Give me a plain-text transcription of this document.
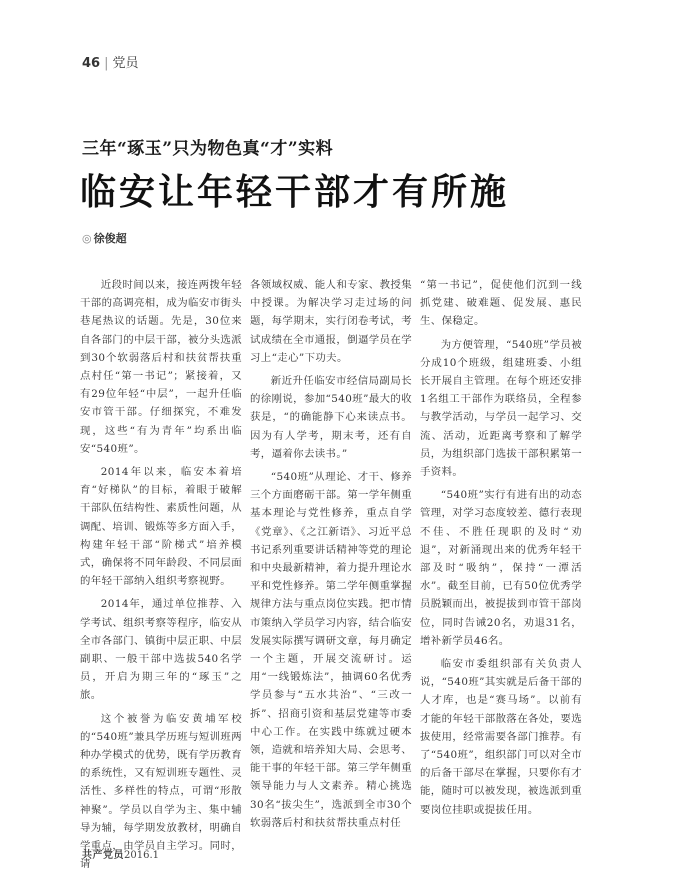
46 | 党员
三年“琢玉”只为物色真“才”实料
临安让年轻干部才有所施
◎ 徐俊超

近段时间以来，接连两拨年轻干部的高调亮相，成为临安市街头巷尾热议的话题。先是，30位来自各部门的中层干部，被分头选派到30个软弱落后村和扶贫帮扶重点村任“第一书记”；紧接着，又有29位年轻“中层”，一起升任临安市管干部。仔细探究，不难发现，这些“有为青年”均系出临安“540班”。

2014年以来，临安本着培育“好梯队”的目标，着眼于破解干部队伍结构性、素质性问题，从调配、培训、锻炼等多方面入手，构建年轻干部“阶梯式”培养模式，确保将不同年龄段、不同层面的年轻干部纳入组织考察视野。

2014年，通过单位推荐、入学考试、组织考察等程序，临安从全市各部门、镇街中层正职、中层副职、一般干部中选拔540名学员，开启为期三年的“琢玉”之旅。

这个被誉为临安黄埔军校的“540班”兼具学历班与短训班两种办学模式的优势，既有学历教育的系统性，又有短训班专题性、灵活性、多样性的特点，可谓“形散神聚”。学员以自学为主、集中辅导为辅，每学期发放教材，明确自学重点，由学员自主学习。同时，请

各领域权威、能人和专家、教授集中授课。为解决学习走过场的问题，每学期末，实行闭卷考试，考试成绩在全市通报，倒逼学员在学习上“走心”下功夫。

新近升任临安市经信局副局长的徐刚说，参加“540班”最大的收获是，“的确能静下心来读点书。因为有人学考，期末考，还有自考，逼着你去读书。”

“540班”从理论、才干、修养三个方面磨砺干部。第一学年侧重基本理论与党性修养，重点自学《党章》、《之江新语》、习近平总书记系列重要讲话精神等党的理论和中央最新精神，着力提升理论水平和党性修养。第二学年侧重掌握规律方法与重点岗位实践。把市情市策纳入学员学习内容，结合临安发展实际撰写调研文章，每月确定一个主题，开展交流研讨。运用“一线锻炼法”，抽调60名优秀学员参与“五水共治”、“三改一拆”、招商引资和基层党建等市委中心工作。在实践中练就过硬本领，造就和培养知大局、会思考、能干事的年轻干部。第三学年侧重领导能力与人文素养。精心挑选30名“拔尖生”，选派到全市30个软弱落后村和扶贫帮扶重点村任

“第一书记”，促使他们沉到一线抓党建、破难题、促发展、惠民生、保稳定。

为方便管理，“540班”学员被分成10个班级，组建班委、小组长开展自主管理。在每个班还安排1名组工干部作为联络员，全程参与教学活动，与学员一起学习、交流、活动，近距离考察和了解学员，为组织部门选拔干部积累第一手资料。

“540班”实行有进有出的动态管理，对学习态度较差、德行表现不佳、不胜任现职的及时“劝退”，对新涌现出来的优秀年轻干部及时“吸纳”，保持“一潭活水”。截至目前，已有50位优秀学员脱颖而出，被提拔到市管干部岗位，同时告诫20名，劝退31名，增补新学员46名。

临安市委组织部有关负责人说，“540班”其实就是后备干部的人才库，也是“赛马场”。以前有才能的年轻干部散落在各处，要选拔使用，经常需要各部门推荐。有了“540班”，组织部门可以对全市的后备干部尽在掌握，只要你有才能，随时可以被发现，被选派到重要岗位挂职或提拔任用。

共产党员2016.1
